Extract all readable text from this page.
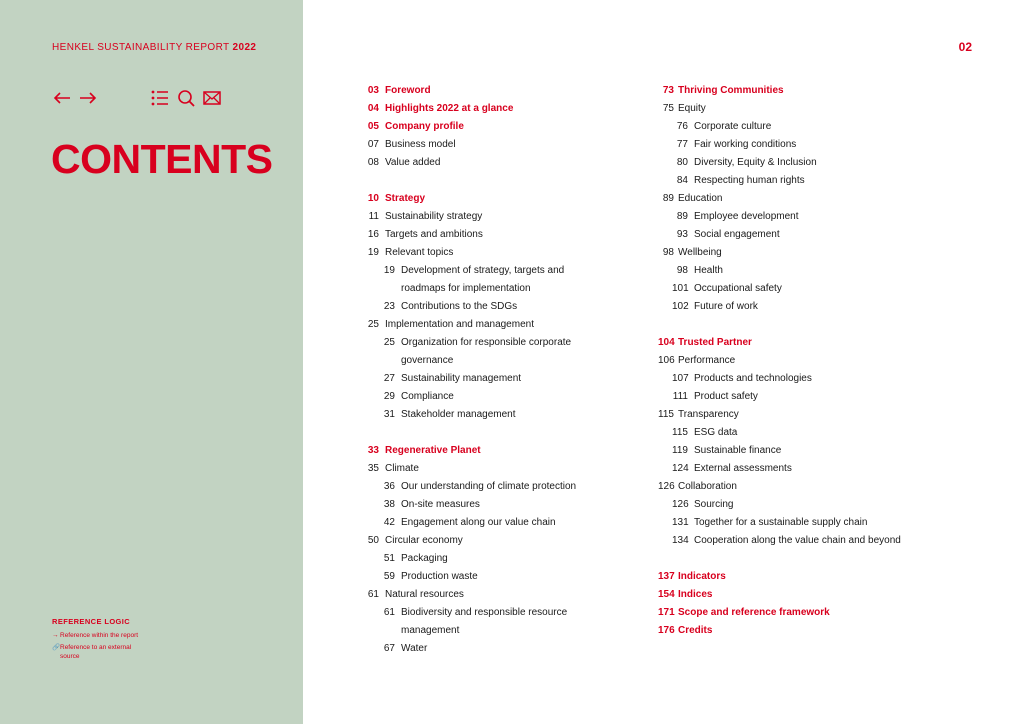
HENKEL SUSTAINABILITY REPORT 2022
CONTENTS
REFERENCE LOGIC
→ Reference within the report
🔗 Reference to an external source
02
03 Foreword
04 Highlights 2022 at a glance
05 Company profile
07 Business model
08 Value added
10 Strategy
11 Sustainability strategy
16 Targets and ambitions
19 Relevant topics
19 Development of strategy, targets and
roadmaps for implementation
23 Contributions to the SDGs
25 Implementation and management
25 Organization for responsible corporate
governance
27 Sustainability management
29 Compliance
31 Stakeholder management
33 Regenerative Planet
35 Climate
36 Our understanding of climate protection
38 On-site measures
42 Engagement along our value chain
50 Circular economy
51 Packaging
59 Production waste
61 Natural resources
61 Biodiversity and responsible resource
management
67 Water
73 Thriving Communities
75 Equity
76 Corporate culture
77 Fair working conditions
80 Diversity, Equity & Inclusion
84 Respecting human rights
89 Education
89 Employee development
93 Social engagement
98 Wellbeing
98 Health
101 Occupational safety
102 Future of work
104 Trusted Partner
106 Performance
107 Products and technologies
111 Product safety
115 Transparency
115 ESG data
119 Sustainable finance
124 External assessments
126 Collaboration
126 Sourcing
131 Together for a sustainable supply chain
134 Cooperation along the value chain and beyond
137 Indicators
154 Indices
171 Scope and reference framework
176 Credits
